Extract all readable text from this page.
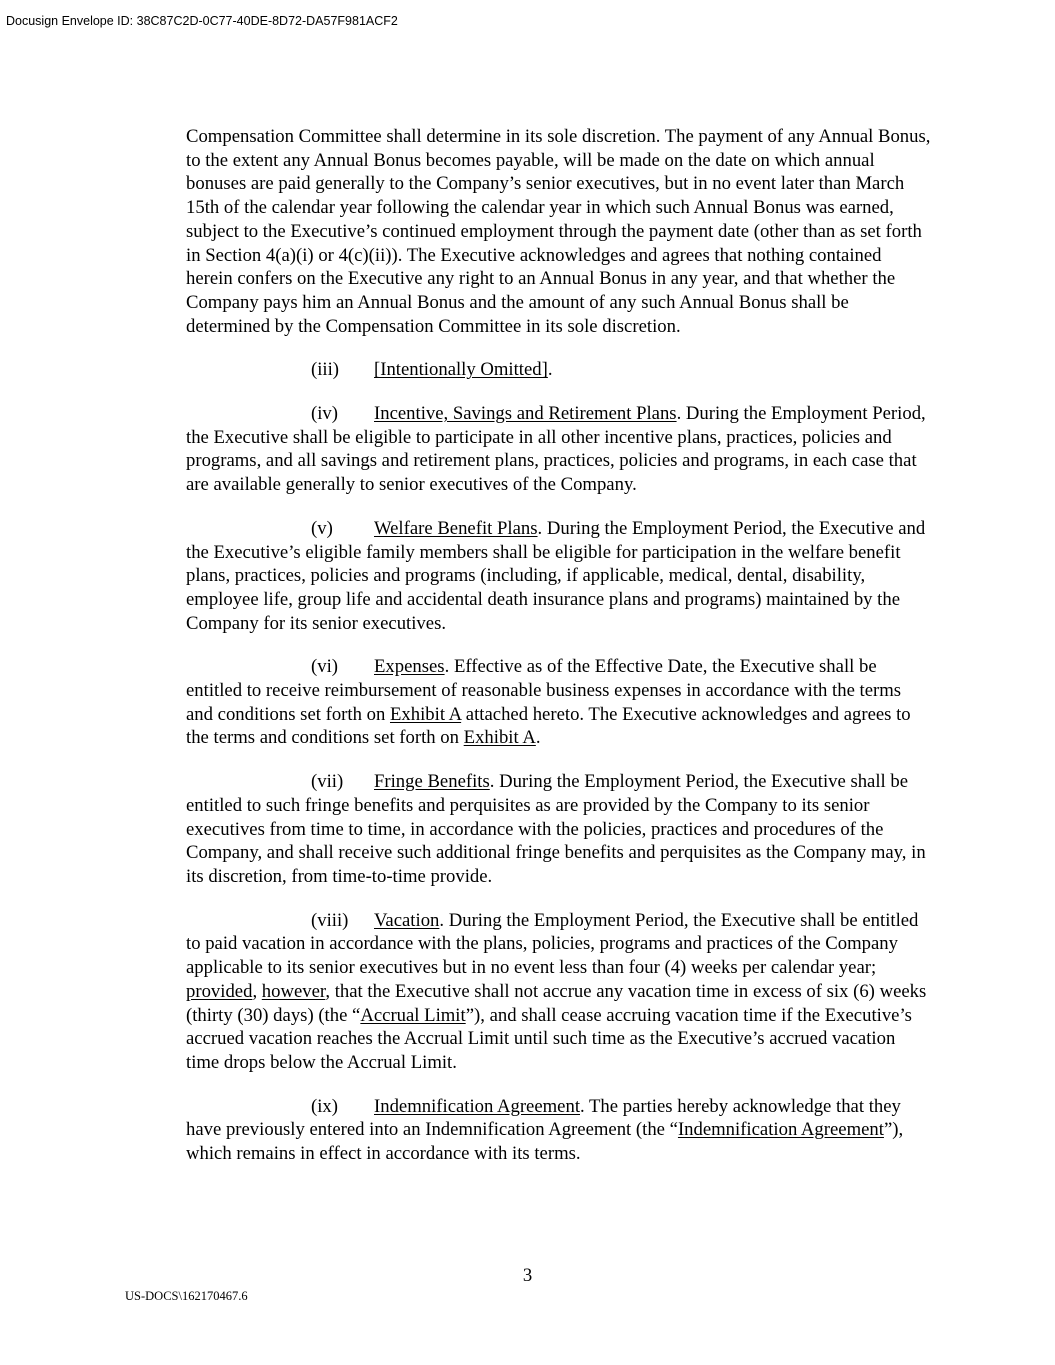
Docusign Envelope ID: 38C87C2D-0C77-40DE-8D72-DA57F981ACF2

Compensation Committee shall determine in its sole discretion. The payment of any Annual Bonus, to the extent any Annual Bonus becomes payable, will be made on the date on which annual bonuses are paid generally to the Company’s senior executives, but in no event later than March 15th of the calendar year following the calendar year in which such Annual Bonus was earned, subject to the Executive’s continued employment through the payment date (other than as set forth in Section 4(a)(i) or 4(c)(ii)). The Executive acknowledges and agrees that nothing contained herein confers on the Executive any right to an Annual Bonus in any year, and that whether the Company pays him an Annual Bonus and the amount of any such Annual Bonus shall be determined by the Compensation Committee in its sole discretion.

(iii) [Intentionally Omitted].

(iv) Incentive, Savings and Retirement Plans. During the Employment Period, the Executive shall be eligible to participate in all other incentive plans, practices, policies and programs, and all savings and retirement plans, practices, policies and programs, in each case that are available generally to senior executives of the Company.

(v) Welfare Benefit Plans. During the Employment Period, the Executive and the Executive’s eligible family members shall be eligible for participation in the welfare benefit plans, practices, policies and programs (including, if applicable, medical, dental, disability, employee life, group life and accidental death insurance plans and programs) maintained by the Company for its senior executives.

(vi) Expenses. Effective as of the Effective Date, the Executive shall be entitled to receive reimbursement of reasonable business expenses in accordance with the terms and conditions set forth on Exhibit A attached hereto. The Executive acknowledges and agrees to the terms and conditions set forth on Exhibit A.

(vii) Fringe Benefits. During the Employment Period, the Executive shall be entitled to such fringe benefits and perquisites as are provided by the Company to its senior executives from time to time, in accordance with the policies, practices and procedures of the Company, and shall receive such additional fringe benefits and perquisites as the Company may, in its discretion, from time-to-time provide.

(viii) Vacation. During the Employment Period, the Executive shall be entitled to paid vacation in accordance with the plans, policies, programs and practices of the Company applicable to its senior executives but in no event less than four (4) weeks per calendar year; provided, however, that the Executive shall not accrue any vacation time in excess of six (6) weeks (thirty (30) days) (the “Accrual Limit”), and shall cease accruing vacation time if the Executive’s accrued vacation reaches the Accrual Limit until such time as the Executive’s accrued vacation time drops below the Accrual Limit.

(ix) Indemnification Agreement. The parties hereby acknowledge that they have previously entered into an Indemnification Agreement (the “Indemnification Agreement”), which remains in effect in accordance with its terms.

3
US-DOCS\162170467.6
